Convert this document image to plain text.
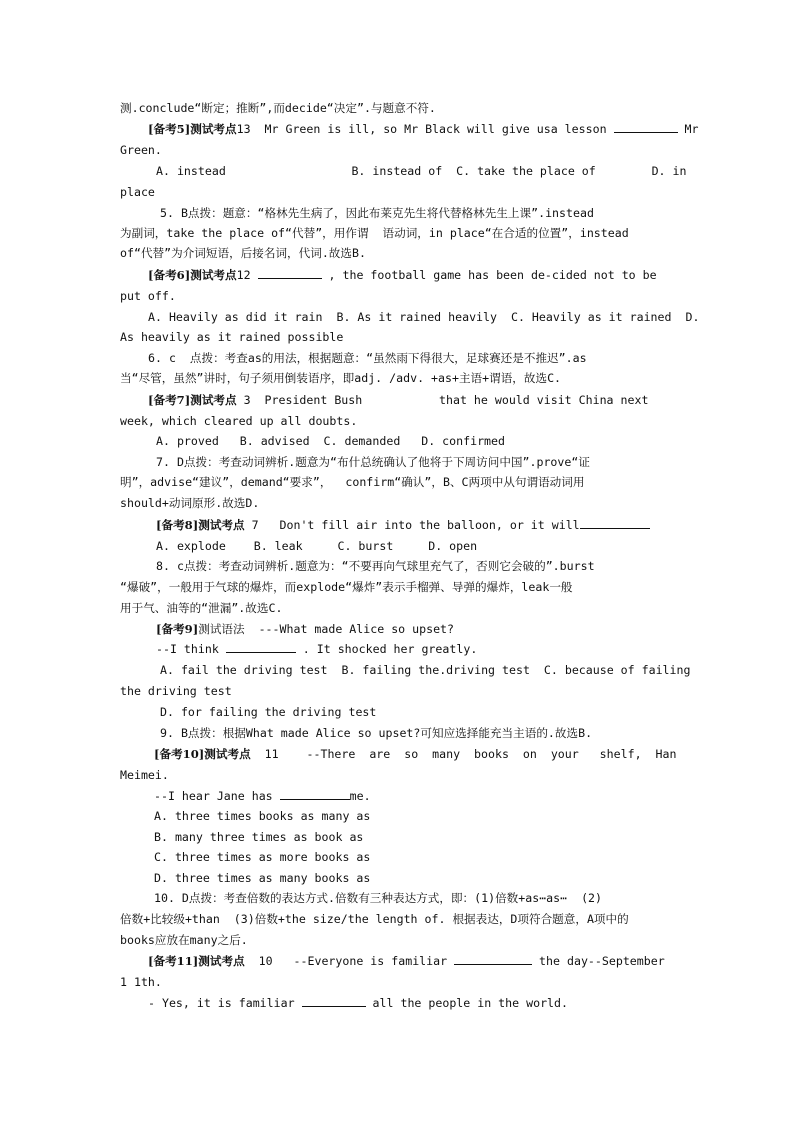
测.conclude“断定；推断”,而decide“决定”.与题意不符.
[备考5]测试考点13  Mr Green is ill, so Mr Black will give usa lesson	Mr
Green.
A. instead                  B. instead of  C. take the place of        D. in
place
5. B点拨：题意：“格林先生病了，因此布莱克先生将代替格林先生上课”.instead
为副词，take the place of“代替”，用作谓  语动词，in place“在合适的位置”，instead
of“代替”为介词短语，后接名词，代词.故选B.
[备考6]测试考点12	, the football game has been de-cided not to be
put off.
A. Heavily as did it rain  B. As it rained heavily  C. Heavily as it rained  D.
As heavily as it rained possible
6. c  点拨：考查as的用法，根据题意：“虽然雨下得很大，足球赛还是不推迟”.as
当“尽管，虽然”讲时，句子须用倒装语序，即adj. /adv. +as+主语+谓语，故选C.
[备考7]测试考点 3  President Bush           that he would visit China next
week, which cleared up all doubts.
A. proved   B. advised  C. demanded   D. confirmed
7. D点拨：考查动词辨析.题意为“布什总统确认了他将于下周访问中国”.prove“证
明”，advise“建议”，demand“要求”，  confirm“确认”，B、C两项中从句谓语动词用
should+动词原形.故选D.
[备考8]测试考点 7   Don't fill air into the balloon, or it will
A. explode    B. leak     C. burst     D. open
8. c点拨：考查动词辨析.题意为：“不要再向气球里充气了，否则它会破的”.burst
“爆破”，一般用于气球的爆炸，而explode“爆炸”表示手榴弹、导弹的爆炸，leak一般
用于气、油等的“泄漏”.故选C.
[备考9]测试语法  ---What made Alice so upset?
--I think	. It shocked her greatly.
A. fail the driving test  B. failing the.driving test  C. because of failing
the driving test
D. for failing the driving test
9. B点拨：根据What made Alice so upset?可知应选择能充当主语的.故选B.
[备考10]测试考点  11    --There  are  so  many  books  on  your   shelf,  Han
Meimei.
--I hear Jane has	me.
A. three times books as many as
B. many three times as book as
C. three times as more books as
D. three times as many books as
10. D点拨：考查倍数的表达方式.倍数有三种表达方式，即：(1)倍数+as⋯as⋯  (2)
倍数+比较级+than  (3)倍数+the size/the length of. 根据表达，D项符合题意，A项中的
books应放在many之后.
[备考11]测试考点  10   --Everyone is familiar	the day--September
1 1th.
- Yes, it is familiar	all the people in the world.
